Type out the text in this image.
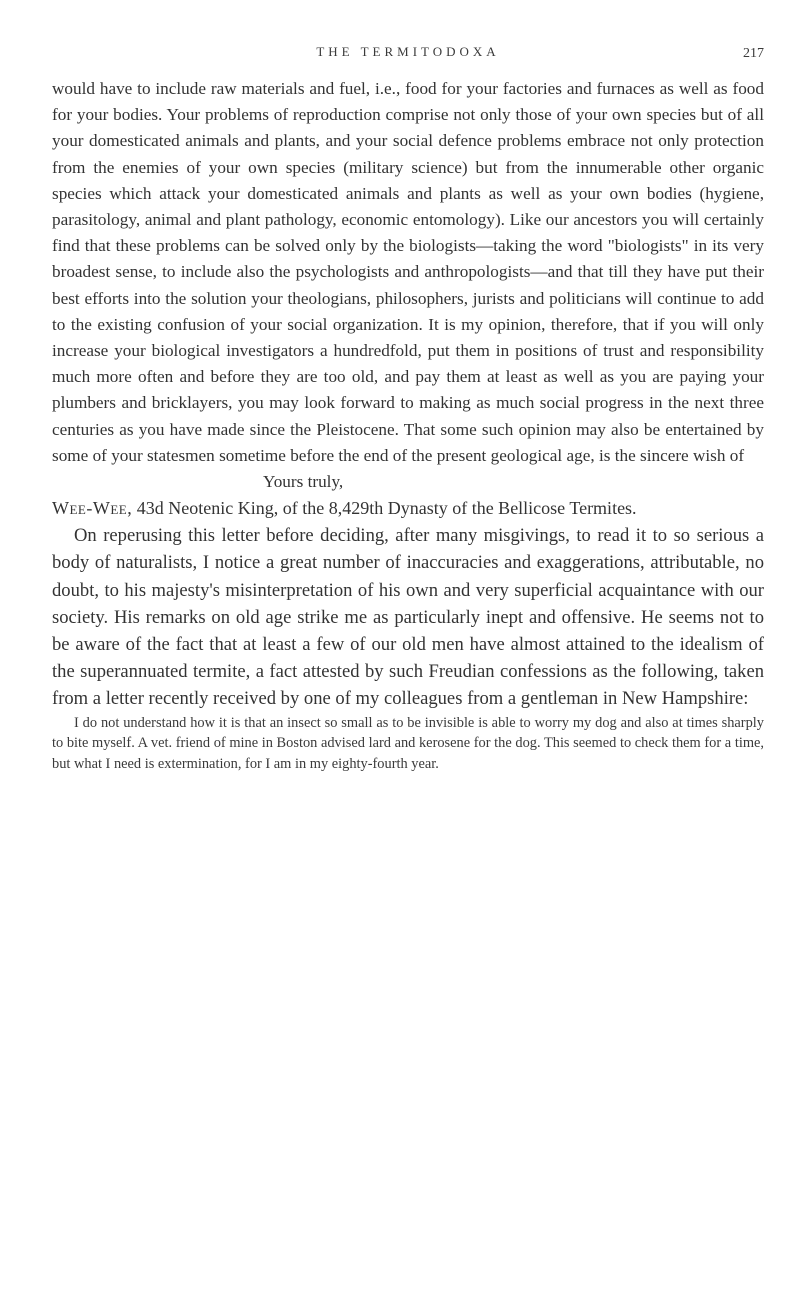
THE TERMITODOXA	217

would have to include raw materials and fuel, i.e., food for your factories and furnaces as well as food for your bodies. Your problems of reproduction comprise not only those of your own species but of all your domesticated animals and plants, and your social defence problems embrace not only protection from the enemies of your own species (military science) but from the innumerable other organic species which attack your domesticated animals and plants as well as your own bodies (hygiene, parasitology, animal and plant pathology, economic entomology). Like our ancestors you will certainly find that these problems can be solved only by the biologists—taking the word "biologists" in its very broadest sense, to include also the psychologists and anthropologists—and that till they have put their best efforts into the solution your theologians, philosophers, jurists and politicians will continue to add to the existing confusion of your social organization. It is my opinion, therefore, that if you will only increase your biological investigators a hundredfold, put them in positions of trust and responsibility much more often and before they are too old, and pay them at least as well as you are paying your plumbers and bricklayers, you may look forward to making as much social progress in the next three centuries as you have made since the Pleistocene. That some such opinion may also be entertained by some of your statesmen sometime before the end of the present geological age, is the sincere wish of

Yours truly,

Wee-Wee, 43d Neotenic King, of the 8,429th Dynasty of the Bellicose Termites.

On reperusing this letter before deciding, after many misgivings, to read it to so serious a body of naturalists, I notice a great number of inaccuracies and exaggerations, attributable, no doubt, to his majesty's misinterpretation of his own and very superficial acquaintance with our society. His remarks on old age strike me as particularly inept and offensive. He seems not to be aware of the fact that at least a few of our old men have almost attained to the idealism of the superannuated termite, a fact attested by such Freudian confessions as the following, taken from a letter recently received by one of my colleagues from a gentleman in New Hampshire:

I do not understand how it is that an insect so small as to be invisible is able to worry my dog and also at times sharply to bite myself. A vet. friend of mine in Boston advised lard and kerosene for the dog. This seemed to check them for a time, but what I need is extermination, for I am in my eighty-fourth year.
